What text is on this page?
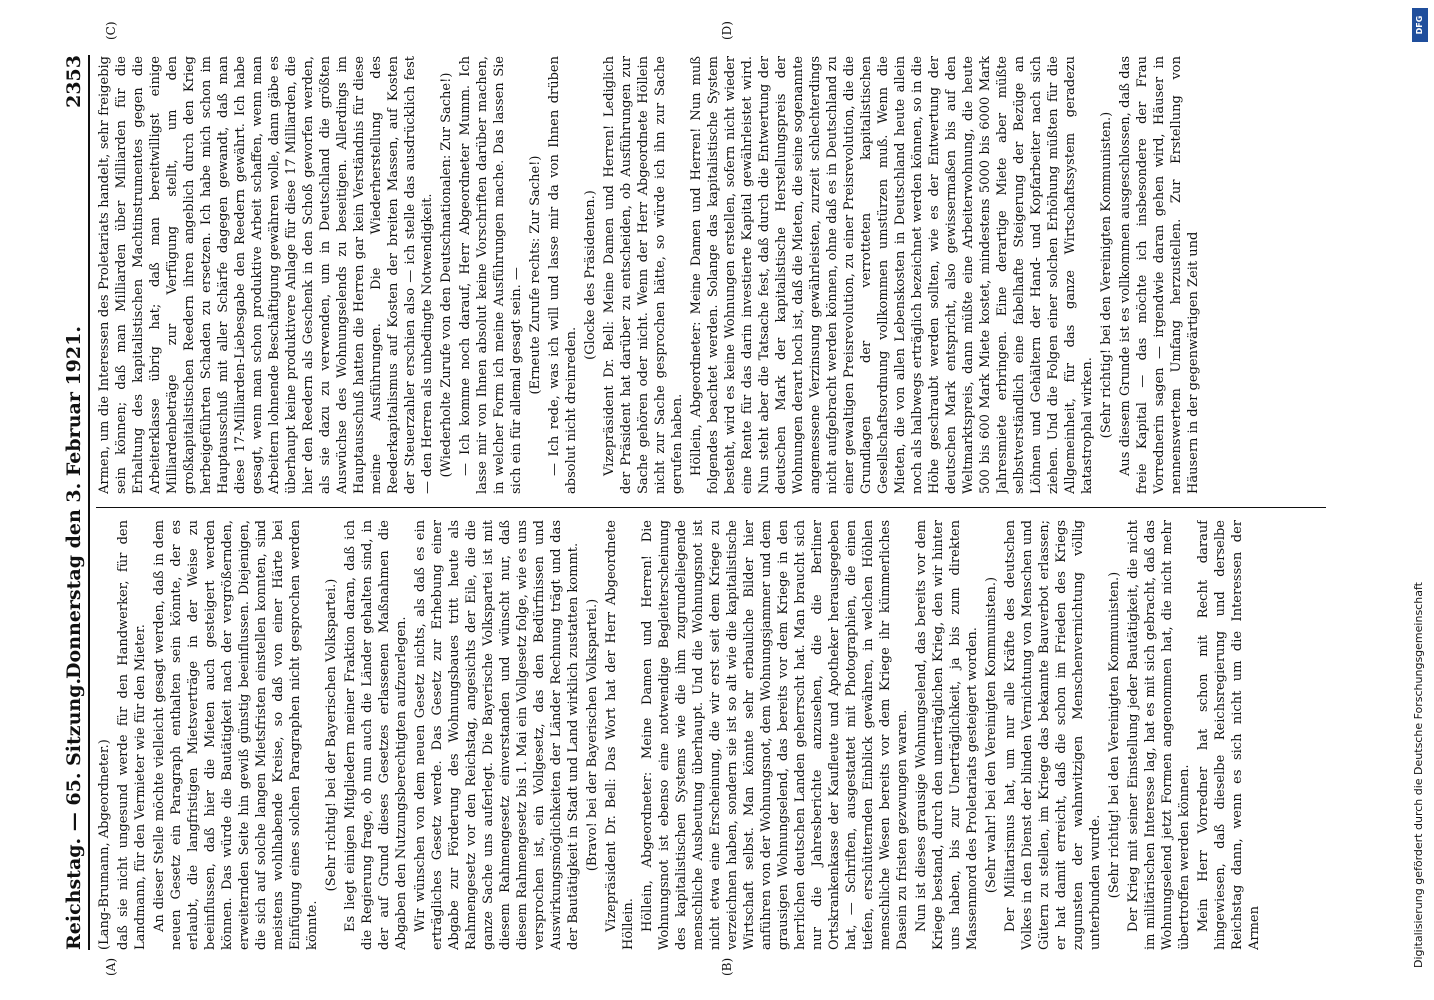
Reichstag. — 65. Sitzung.
Donnerstag den 3. Februar 1921.
2353
(A)	(B)
(C)	(D)

(Lang-Brumann, Abgeordneter.) daß sie nicht ungesund werde für den Handwerker, für den Landmann, für den Vermieter wie für den Mieter. An dieser Stelle möchte vielleicht gesagt werden, daß in dem neuen Gesetz ein Paragraph enthalten sein könnte, der es erlaubt, die langfristigen Mietsverträge in der Weise zu beeinflussen, daß hier die Mieten auch gesteigert werden können. Das würde die Bautätigkeit nach der vergrößernden, erweiternden Seite hin gewiß günstig beeinflussen. Diejenigen, die sich auf solche langen Mietsfristen einstellen konnten, sind meistens wohlhabende Kreise, so daß von einer Härte bei Einfügung eines solchen Paragraphen nicht gesprochen werden könnte.

(Sehr richtig! bei der Bayerischen Volkspartei.) Es liegt einigen Mitgliedern meiner Fraktion daran, daß ich die Regierung frage, ob nun auch die Länder gehalten sind, in der auf Grund dieses Gesetzes erlassenen Maßnahmen die Abgaben den Nutzungsberechtigten aufzuerlegen. Wir wünschen von dem neuen Gesetz nichts, als daß es ein erträgliches Gesetz werde. Das Gesetz zur Erhebung einer Abgabe zur Förderung des Wohnungsbaues tritt heute als Rahmengesetz vor den Reichstag, angesichts der Eile, die die ganze Sache uns auferlegt. Die Bayerische Volkspartei ist mit diesem Rahmengesetz einverstanden und wünscht nur, daß diesem Rahmengesetz bis 1. Mai ein Vollgesetz folge, wie es uns versprochen ist, ein Vollgesetz, das den Bedürfnissen und Auswirkungsmöglichkeiten der Länder Rechnung trägt und das der Bautätigkeit in Stadt und Land wirklich zustatten kommt. (Bravo! bei der Bayerischen Volkspartei.) Vizepräsident Dr. Bell: Das Wort hat der Herr Abgeordnete Höllein. Höllein, Abgeordneter: Meine Damen und Herren! Die Wohnungsnot ist ebenso eine notwendige Begleiterscheinung des kapitalistischen Systems wie die ihm zugrundeliegende menschliche Ausbeutung überhaupt. Und die Wohnungsnot ist nicht etwa eine Erscheinung, die wir erst seit dem Kriege zu verzeichnen haben, sondern sie ist so alt wie die kapitalistische Wirtschaft selbst. Man könnte sehr erbauliche Bilder hier anführen von der Wohnungsnot, dem Wohnungsjammer und dem grausigen Wohnungselend, das bereits vor dem Kriege in den herrlichen deutschen Landen geherrscht hat. Man braucht sich nur die Jahresberichte anzusehen, die die Berliner Ortskrankenkasse der Kaufleute und Apotheker herausgegeben hat, — Schriften, ausgestattet mit Photographien, die einen tiefen, erschütternden Einblick gewähren, in welchen Höhlen menschliche Wesen bereits vor dem Kriege ihr kümmerliches Dasein zu fristen gezwungen waren. Nun ist dieses grausige Wohnungselend, das bereits vor dem Kriege bestand, durch den unerträglichen Krieg, den wir hinter uns haben, bis zur Unerträglichkeit, ja bis zum direkten Massenmord des Proletariats gesteigert worden. (Sehr wahr! bei den Vereinigten Kommunisten.) Der Militarismus hat, um nur alle Kräfte des deutschen Volkes in den Dienst der blinden Vernichtung von Menschen und Gütern zu stellen, im Kriege das bekannte Bauverbot erlassen; er hat damit erreicht, daß die schon im Frieden des Kriegs zugunsten der wahnwitzigen Menschenvernichtung völlig unterbunden wurde. (Sehr richtig! bei den Vereinigten Kommunisten.) Der Krieg mit seiner Einstellung jeder Bautätigkeit, die nicht im militärischen Interesse lag, hat es mit sich gebracht, daß das Wohnungselend jetzt Formen angenommen hat, die nicht mehr übertroffen werden können. Mein Herr Vorredner hat schon mit Recht darauf hingewiesen, daß dieselbe Reichsregierung und derselbe Reichstag dann, wenn es sich nicht um die Interessen der Armen

Armen, um die Interessen des Proletariats handelt, sehr freigebig sein können; daß man Milliarden über Milliarden für die Erhaltung des kapitalistischen Machtinstrumentes gegen die Arbeiterklasse übrig hat; daß man bereitwilligst einige Milliardenbeträge zur Verfügung stellt, um den großkapitalistischen Reedern ihren angeblich durch den Krieg herbeigeführten Schaden zu ersetzen. Ich habe mich schon im Hauptausschuß mit aller Schärfe dagegen gewandt, daß man diese 17-Milliarden-Liebesgabe den Reedern gewährt. Ich habe gesagt, wenn man schon produktive Arbeit schaffen, wenn man Arbeitern lohnende Beschäftigung gewähren wolle, dann gäbe es überhaupt keine produktivere Anlage für diese 17 Milliarden, die hier den Reedern als Geschenk in den Schoß geworfen werden, als sie dazu zu verwenden, um in Deutschland die größten Auswüchse des Wohnungselends zu beseitigen. Allerdings im Hauptausschuß hatten die Herren gar kein Verständnis für diese meine Ausführungen. Die Wiederherstellung des Reederkapitalismus auf Kosten der breiten Massen, auf Kosten der Steuerzahler erschien also — ich stelle das ausdrücklich fest — den Herren als unbedingte Notwendigkeit. (Wiederholte Zurufe von den Deutschnationalen: Zur Sache!) — Ich komme noch darauf, Herr Abgeordneter Mumm. Ich lasse mir von Ihnen absolut keine Vorschriften darüber machen, in welcher Form ich meine Ausführungen mache. Das lassen Sie sich ein für allemal gesagt sein. — (Erneute Zurufe rechts: Zur Sache!) — Ich rede, was ich will und lasse mir da von Ihnen drüben absolut nicht dreinreden.

(Glocke des Präsidenten.) Vizepräsident Dr. Bell: Meine Damen und Herren! Lediglich der Präsident hat darüber zu entscheiden, ob Ausführungen zur Sache gehören oder nicht. Wenn der Herr Abgeordnete Höllein nicht zur Sache gesprochen hätte, so würde ich ihn zur Sache gerufen haben. Höllein, Abgeordneter: Meine Damen und Herren! Nun muß folgendes beachtet werden. Solange das kapitalistische System besteht, wird es keine Wohnungen erstellen, sofern nicht wieder eine Rente für das darin investierte Kapital gewährleistet wird. Nun steht aber die Tatsache fest, daß durch die Entwertung der deutschen Mark der kapitalistische Herstellungspreis der Wohnungen derart hoch ist, daß die Mieten, die seine sogenannte angemessene Verzinsung gewährleisten, zurzeit schlechterdings nicht aufgebracht werden können, ohne daß es in Deutschland zu einer gewaltigen Preisrevolution, zu einer Preisrevolution, die die Grundlagen der verrotteten kapitalistischen Gesellschaftsordnung vollkommen umstürzen muß. Wenn die Mieten, die von allen Lebenskosten in Deutschland heute allein noch als halbwegs erträglich bezeichnet werden können, so in die Höhe geschraubt werden sollten, wie es der Entwertung der deutschen Mark entspricht, also gewissermaßen bis auf den Weltmarktspreis, dann müßte eine Arbeiterwohnung, die heute 500 bis 600 Mark Miete kostet, mindestens 5000 bis 6000 Mark Jahresmiete erbringen. Eine derartige Miete aber müßte selbstverständlich eine fabelhafte Steigerung der Bezüge an Löhnen und Gehältern der Hand- und Kopfarbeiter nach sich ziehen. Und die Folgen einer solchen Erhöhung müßten für die Allgemeinheit, für das ganze Wirtschaftssystem geradezu katastrophal wirken. (Sehr richtig! bei den Vereinigten Kommunisten.) Aus diesem Grunde ist es vollkommen ausgeschlossen, daß das freie Kapital — das möchte ich insbesondere der Frau Vorrednerin sagen — irgendwie daran gehen wird, Häuser in nennenswertem Umfang herzustellen. Zur Erstellung von Häusern in der gegenwärtigen Zeit und

Digitalisierung gefördert durch die Deutsche Forschungsgemeinschaft
DFG
